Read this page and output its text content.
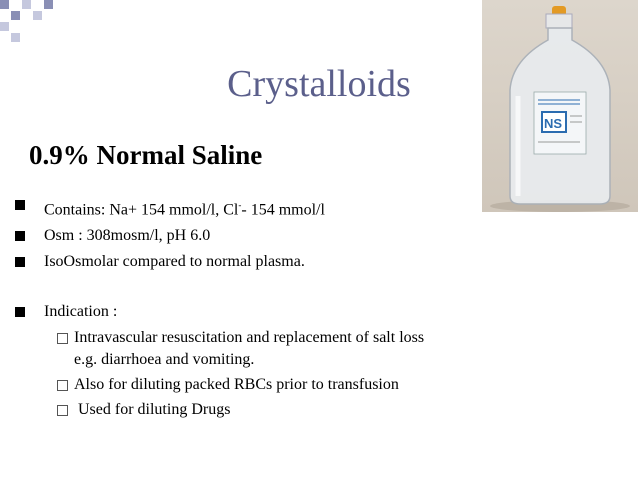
NS
Crystalloids
0.9% Normal Saline
Contains: Na+ 154 mmol/l, Cl-- 154 mmol/l
Osm : 308mosm/l, pH 6.0
IsoOsmolar compared to normal plasma.
Indication :
Intravascular resuscitation and replacement of salt loss
e.g. diarrhoea and vomiting.
Also for diluting packed RBCs prior to transfusion
Used for diluting Drugs
